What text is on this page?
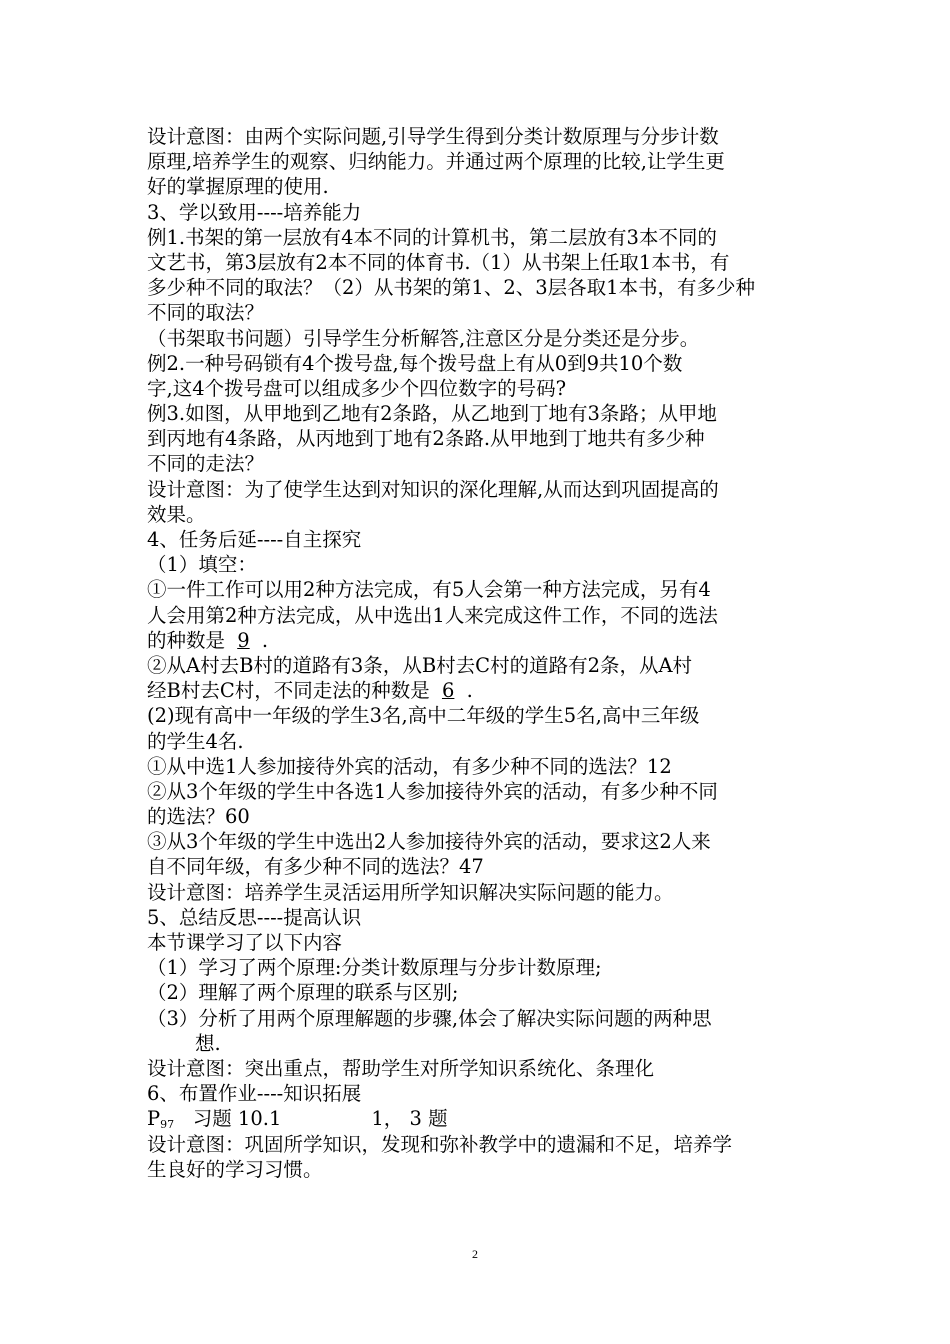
设计意图：由两个实际问题,引导学生得到分类计数原理与分步计数
原理,培养学生的观察、归纳能力。并通过两个原理的比较,让学生更
好的掌握原理的使用.
3、学以致用----培养能力
例1.书架的第一层放有4本不同的计算机书，第二层放有3本不同的
文艺书，第3层放有2本不同的体育书.（1）从书架上任取1本书，有
多少种不同的取法？（2）从书架的第1、2、3层各取1本书，有多少种
不同的取法？
（书架取书问题）引导学生分析解答,注意区分是分类还是分步。
例2.一种号码锁有4个拨号盘,每个拨号盘上有从0到9共10个数
字,这4个拨号盘可以组成多少个四位数字的号码?
例3.如图，从甲地到乙地有2条路，从乙地到丁地有3条路；从甲地
到丙地有4条路，从丙地到丁地有2条路.从甲地到丁地共有多少种
不同的走法？
设计意图：为了使学生达到对知识的深化理解,从而达到巩固提高的
效果。
4、任务后延----自主探究
（1）填空：
①一件工作可以用2种方法完成，有5人会第一种方法完成，另有4
人会用第2种方法完成，从中选出1人来完成这件工作，不同的选法
的种数是 9 .
②从A村去B村的道路有3条，从B村去C村的道路有2条，从A村
经B村去C村，不同走法的种数是 6 .
(2)现有高中一年级的学生3名,高中二年级的学生5名,高中三年级
的学生4名.
①从中选1人参加接待外宾的活动，有多少种不同的选法？12
②从3个年级的学生中各选1人参加接待外宾的活动，有多少种不同
的选法？60
③从3个年级的学生中选出2人参加接待外宾的活动，要求这2人来
自不同年级，有多少种不同的选法？47
设计意图：培养学生灵活运用所学知识解决实际问题的能力。
5、总结反思----提高认识
本节课学习了以下内容
（1）学习了两个原理:分类计数原理与分步计数原理;
（2）理解了两个原理的联系与区别;
（3）分析了用两个原理解题的步骤,体会了解决实际问题的两种思
想.
设计意图：突出重点，帮助学生对所学知识系统化、条理化
6、布置作业----知识拓展
$P_{97}$ 习题 10.1	1， 3 题
设计意图：巩固所学知识，发现和弥补教学中的遗漏和不足，培养学
生良好的学习习惯。
2
